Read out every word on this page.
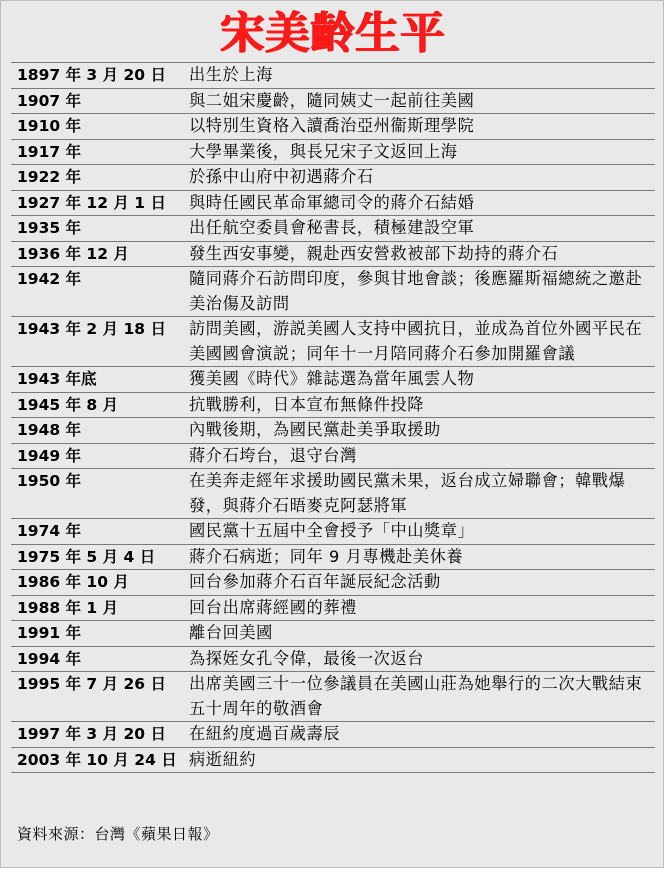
宋美齡生平
1897 年 3 月 20 日	出生於上海
1907 年	與二姐宋慶齡，隨同姨丈一起前往美國
1910 年	以特別生資格入讀喬治亞州衞斯理學院
1917 年	大學畢業後，與長兄宋子文返回上海
1922 年	於孫中山府中初遇蔣介石
1927 年 12 月 1 日	與時任國民革命軍總司令的蔣介石結婚
1935 年	出任航空委員會秘書長，積極建設空軍
1936 年 12 月	發生西安事變，親赴西安營救被部下劫持的蔣介石
1942 年	隨同蔣介石訪問印度，參與甘地會談；後應羅斯福總統之邀赴美治傷及訪問
1943 年 2 月 18 日	訪問美國，游説美國人支持中國抗日，並成為首位外國平民在美國國會演説；同年十一月陪同蔣介石參加開羅會議
1943 年底	獲美國《時代》雜誌選為當年風雲人物
1945 年 8 月	抗戰勝利，日本宣布無條件投降
1948 年	內戰後期，為國民黨赴美爭取援助
1949 年	蔣介石垮台，退守台灣
1950 年	在美奔走經年求援助國民黨未果，返台成立婦聯會；韓戰爆發，與蔣介石晤麥克阿瑟將軍
1974 年	國民黨十五屆中全會授予「中山獎章」
1975 年 5 月 4 日	蔣介石病逝；同年 9 月專機赴美休養
1986 年 10 月	回台參加蔣介石百年誕辰紀念活動
1988 年 1 月	回台出席蔣經國的葬禮
1991 年	離台回美國
1994 年	為探姪女孔令偉，最後一次返台
1995 年 7 月 26 日	出席美國三十一位參議員在美國山莊為她舉行的二次大戰結束五十周年的敬酒會
1997 年 3 月 20 日	在紐約度過百歲壽辰
2003 年 10 月 24 日 病逝紐約
資料來源：台灣《蘋果日報》
